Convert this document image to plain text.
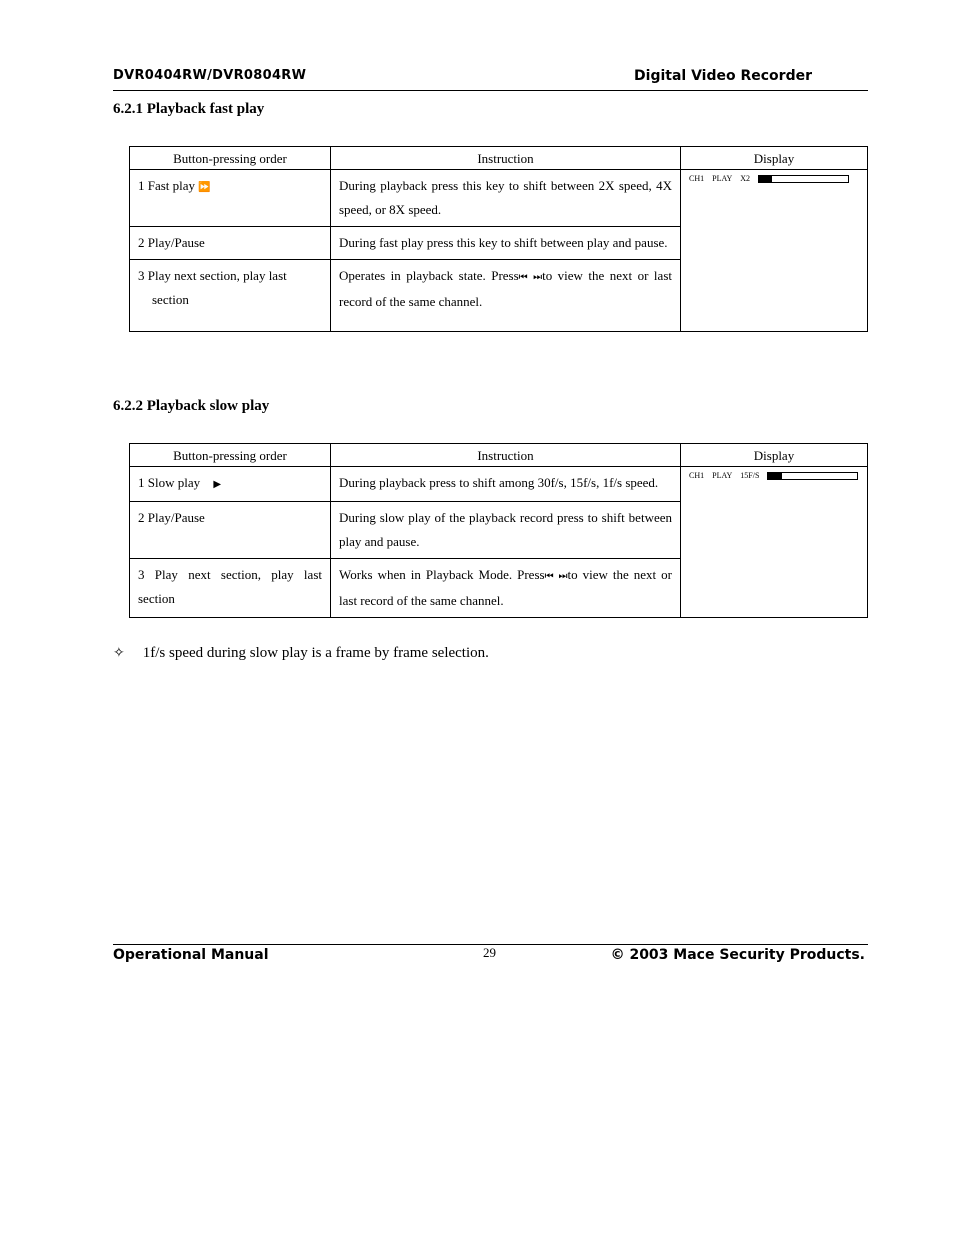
DVR0404RW/DVR0804RW	Digital Video Recorder
6.2.1 Playback fast play
Button-pressing order	Instruction	Display
1 Fast play ⏩	During playback press this key to shift between 2X speed, 4X speed, or 8X speed.	CH1 PLAY X2

2 Play/Pause	During fast play press this key to shift between play and pause.	
3 Play next section, play last
section	Operates in playback state. Press⏮ ⏭to view the next or last record of the same channel.	
6.2.2 Playback slow play
Button-pressing order	Instruction	Display
1 Slow play ▶	During playback press to shift among 30f/s, 15f/s, 1f/s speed.	CH1 PLAY 15F/S

2 Play/Pause	During slow play of the playback record press to shift between play and pause.	
3 Play next section, play last section	Works when in Playback Mode. Press⏮ ⏭to view the next or last record of the same channel.	
✧ 1f/s speed during slow play is a frame by frame selection.
Operational Manual	29	© 2003 Mace Security Products.
